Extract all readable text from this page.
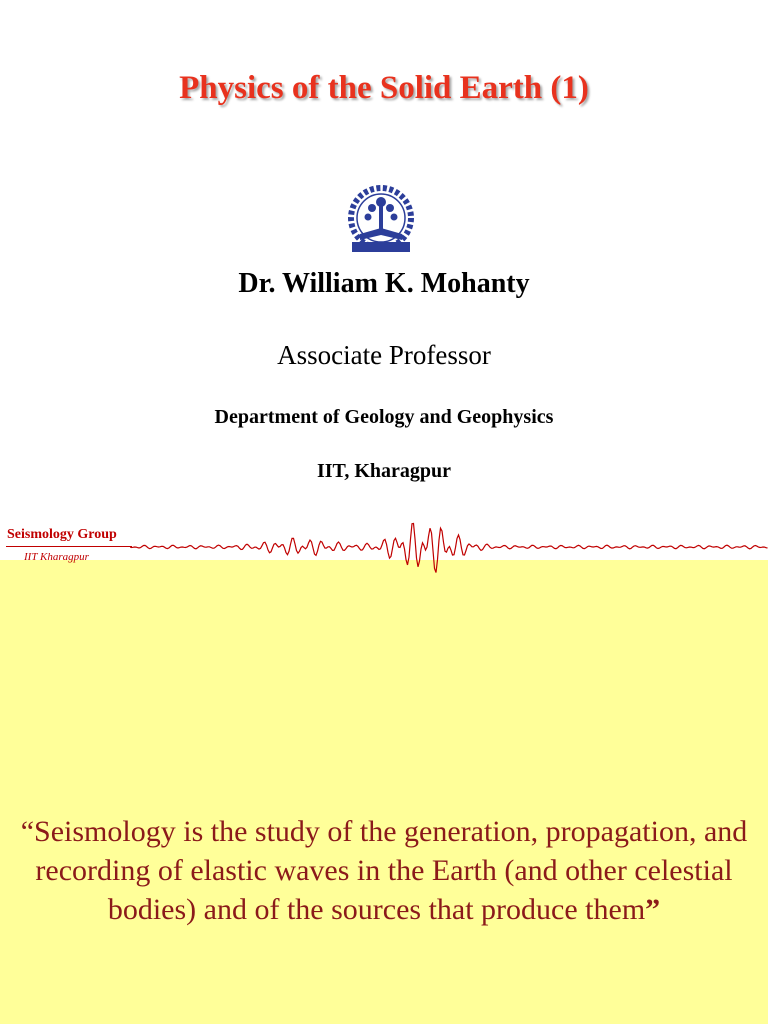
Physics of the Solid Earth (1)
Dr. William K. Mohanty
Associate Professor
Department of Geology and Geophysics
IIT, Kharagpur
Seismology Group
IIT Kharagpur
“Seismology is the study of the generation, propagation, and recording of elastic waves in the Earth (and other celestial bodies) and of the sources that produce them”
